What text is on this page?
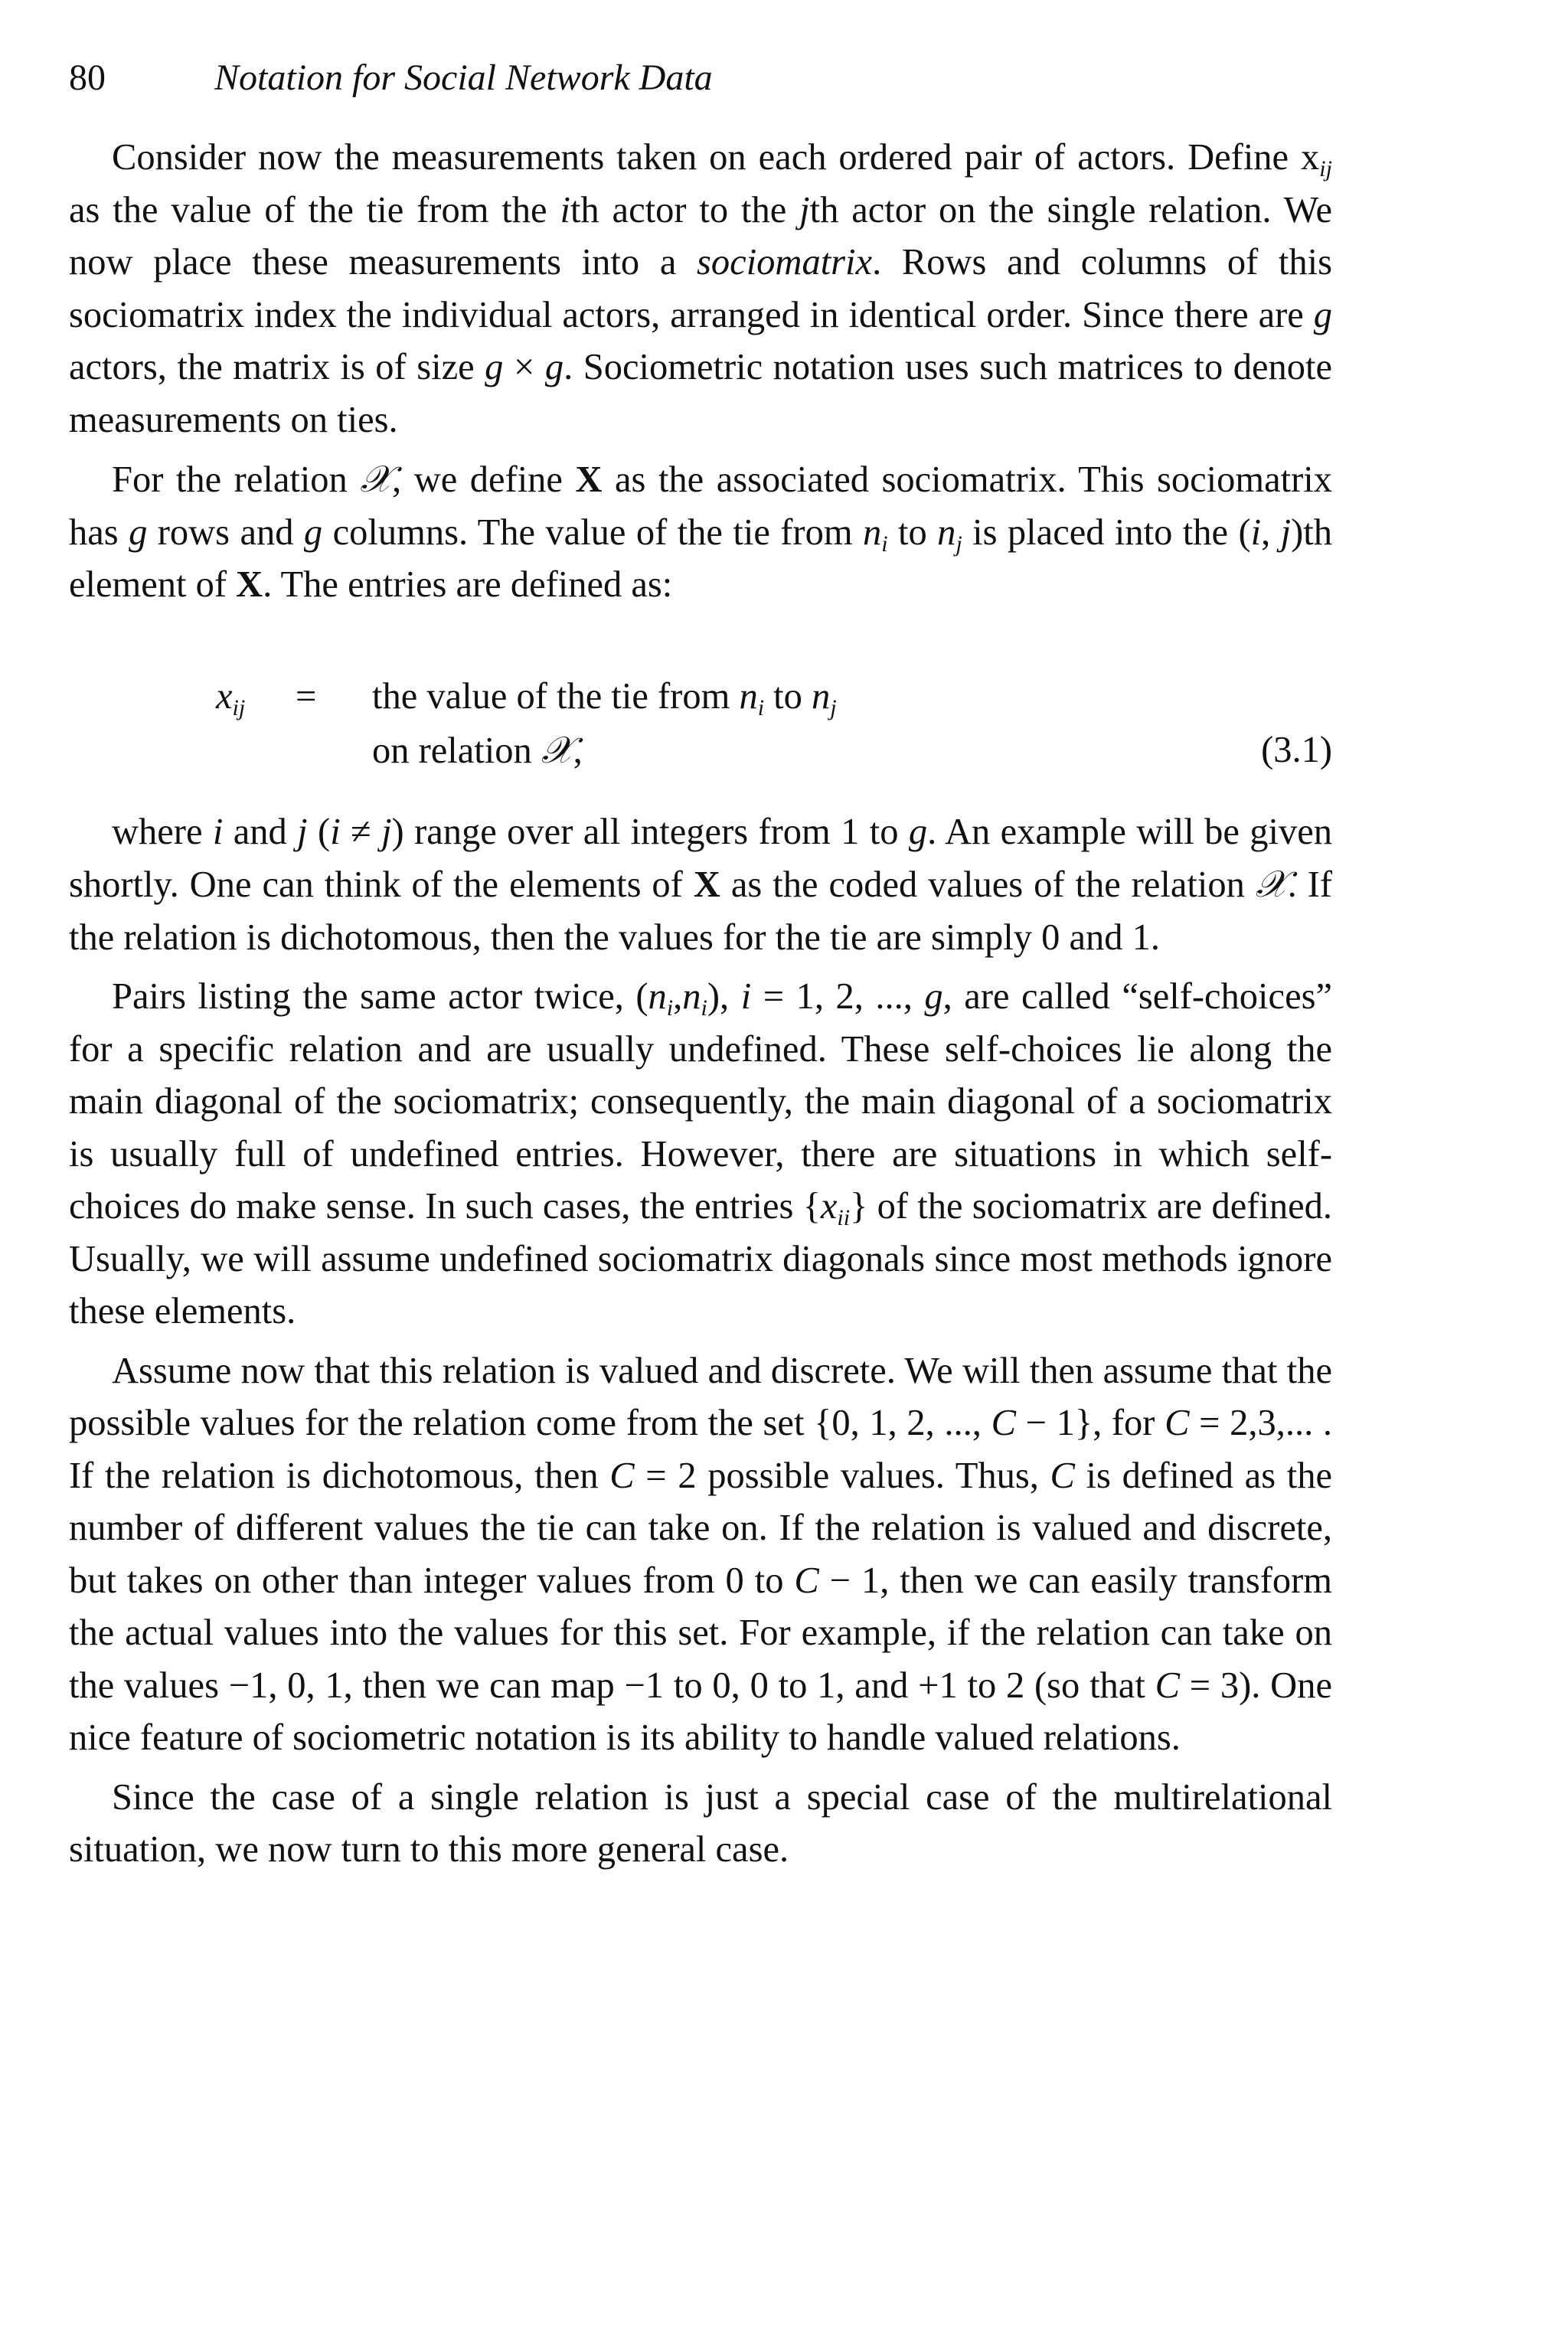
80	Notation for Social Network Data

Consider now the measurements taken on each ordered pair of actors. Define $x_{ij}$ as the value of the tie from the ith actor to the jth actor on the single relation. We now place these measurements into a sociomatrix. Rows and columns of this sociomatrix index the individual actors, arranged in identical order. Since there are g actors, the matrix is of size g × g. Sociometric notation uses such matrices to denote measurements on ties.

For the relation 𝒳, we define X as the associated sociomatrix. This sociomatrix has g rows and g columns. The value of the tie from $n_i$ to $n_j$ is placed into the (i, j)th element of X. The entries are defined as:

$x_{ij}$ = the value of the tie from $n_i$ to $n_j$
on relation 𝒳,	(3.1)

where i and j (i ≠ j) range over all integers from 1 to g. An example will be given shortly. One can think of the elements of X as the coded values of the relation 𝒳. If the relation is dichotomous, then the values for the tie are simply 0 and 1.

Pairs listing the same actor twice, $(n_i,n_i)$, i = 1, 2, ..., g, are called “self-choices” for a specific relation and are usually undefined. These self-choices lie along the main diagonal of the sociomatrix; consequently, the main diagonal of a sociomatrix is usually full of undefined entries. However, there are situations in which self-choices do make sense. In such cases, the entries $\{x_{ii}\}$ of the sociomatrix are defined. Usually, we will assume undefined sociomatrix diagonals since most methods ignore these elements.

Assume now that this relation is valued and discrete. We will then assume that the possible values for the relation come from the set {0, 1, 2, ..., C − 1}, for C = 2,3,... . If the relation is dichotomous, then C = 2 possible values. Thus, C is defined as the number of different values the tie can take on. If the relation is valued and discrete, but takes on other than integer values from 0 to C − 1, then we can easily transform the actual values into the values for this set. For example, if the relation can take on the values −1, 0, 1, then we can map −1 to 0, 0 to 1, and +1 to 2 (so that C = 3). One nice feature of sociometric notation is its ability to handle valued relations.

Since the case of a single relation is just a special case of the multirelational situation, we now turn to this more general case.
